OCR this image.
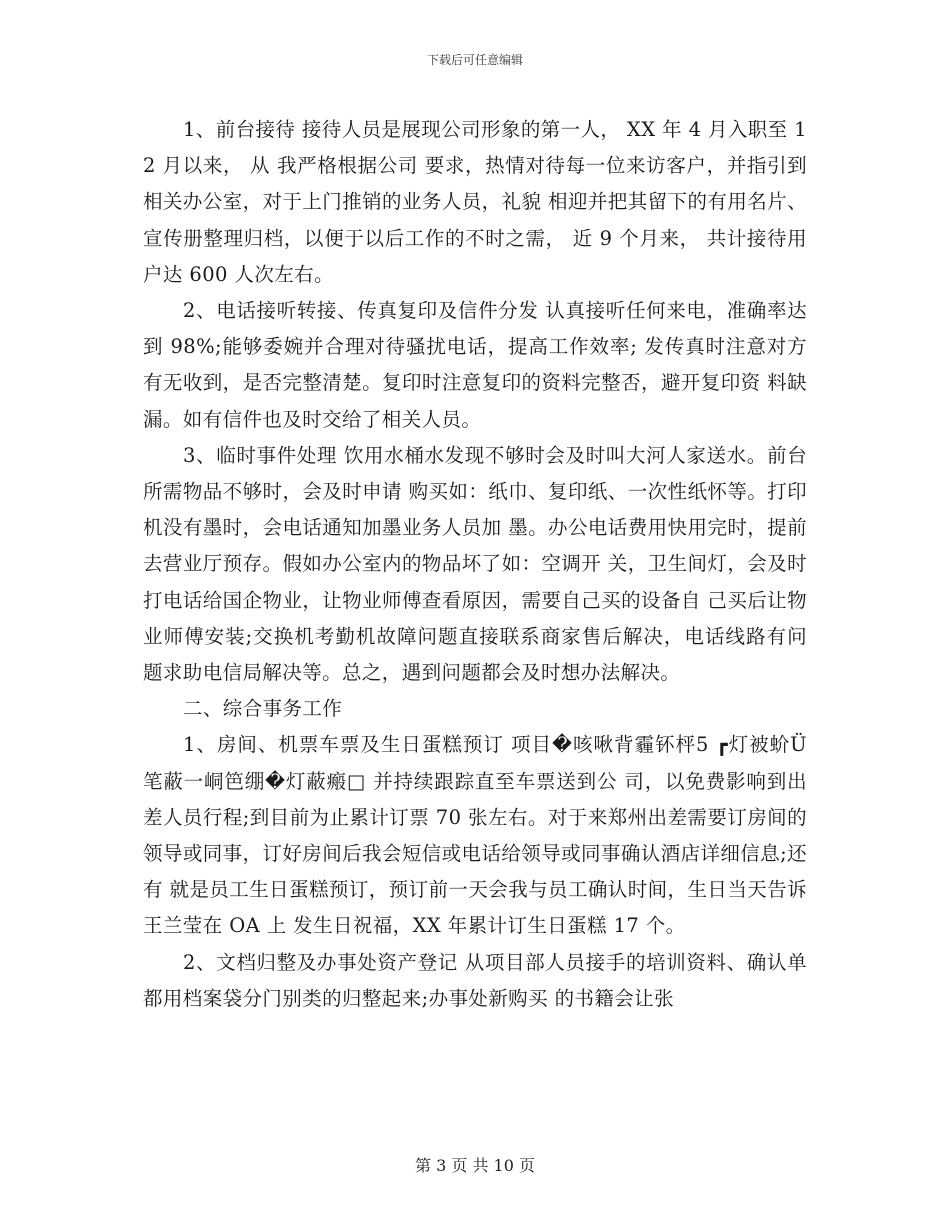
下载后可任意编辑

1、前台接待 接待人员是展现公司形象的第一人， XX 年 4 月入职至 12 月以来， 从 我严格根据公司 要求，热情对待每一位来访客户，并指引到相关办公室，对于上门推销的业务人员，礼貌 相迎并把其留下的有用名片、宣传册整理归档，以便于以后工作的不时之需， 近 9 个月来， 共计接待用户达 600 人次左右。

2、电话接听转接、传真复印及信件分发 认真接听任何来电，准确率达到 98%;能够委婉并合理对待骚扰电话，提高工作效率; 发传真时注意对方有无收到，是否完整清楚。复印时注意复印的资料完整否，避开复印资 料缺漏。如有信件也及时交给了相关人员。

3、临时事件处理 饮用水桶水发现不够时会及时叫大河人家送水。前台所需物品不够时，会及时申请 购买如：纸巾、复印纸、一次性纸怀等。打印机没有墨时，会电话通知加墨业务人员加 墨。办公电话费用快用完时，提前去营业厅预存。假如办公室内的物品坏了如：空调开 关，卫生间灯，会及时打电话给国企物业，让物业师傅查看原因，需要自己买的设备自 己买后让物业师傅安装;交换机考勤机故障问题直接联系商家售后解决，电话线路有问 题求助电信局解决等。总之，遇到问题都会及时想办法解决。

二、综合事务工作

1、房间、机票车票及生日蛋糕预订 项目�咳啾背霾钚枰5 ┏灯被蚧Ü 笔蔽一峒笆绷�灯蔽瘢□ 并持续跟踪直至车票送到公 司，以免费影响到出差人员行程;到目前为止累计订票 70 张左右。对于来郑州出差需要订房间的领导或同事，订好房间后我会短信或电话给领导或同事确认酒店详细信息;还有 就是员工生日蛋糕预订，预订前一天会我与员工确认时间，生日当天告诉王兰莹在 OA 上 发生日祝福，XX 年累计订生日蛋糕 17 个。

2、文档归整及办事处资产登记 从项目部人员接手的培训资料、确认单都用档案袋分门别类的归整起来;办事处新购买 的书籍会让张

第 3 页 共 10 页
